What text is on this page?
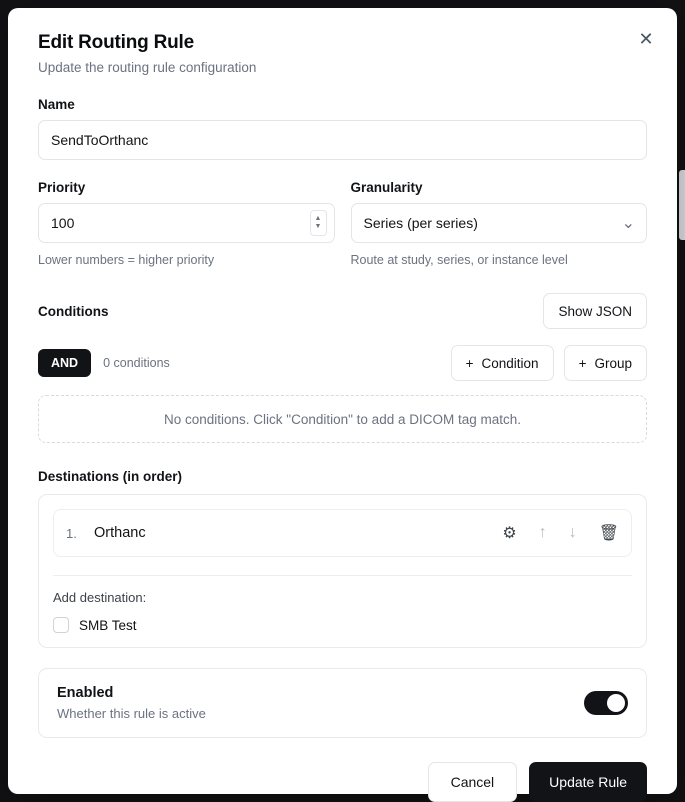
✕
Edit Routing Rule

Update the routing rule configuration

Name
SendToOrthanc
Priority
100
▲
▼
Lower numbers = higher priority
Granularity
Series (per series)	⌄
Route at study, series, or instance level
Conditions	Show JSON
AND	0 conditions	+ Condition	+ Group
No conditions. Click "Condition" to add a DICOM tag match.
Destinations (in order)
1.	Orthanc	⚙ ↑ ↓ 🗑
Add destination:
SMB Test
Enabled
Whether this rule is active
Cancel	Update Rule
